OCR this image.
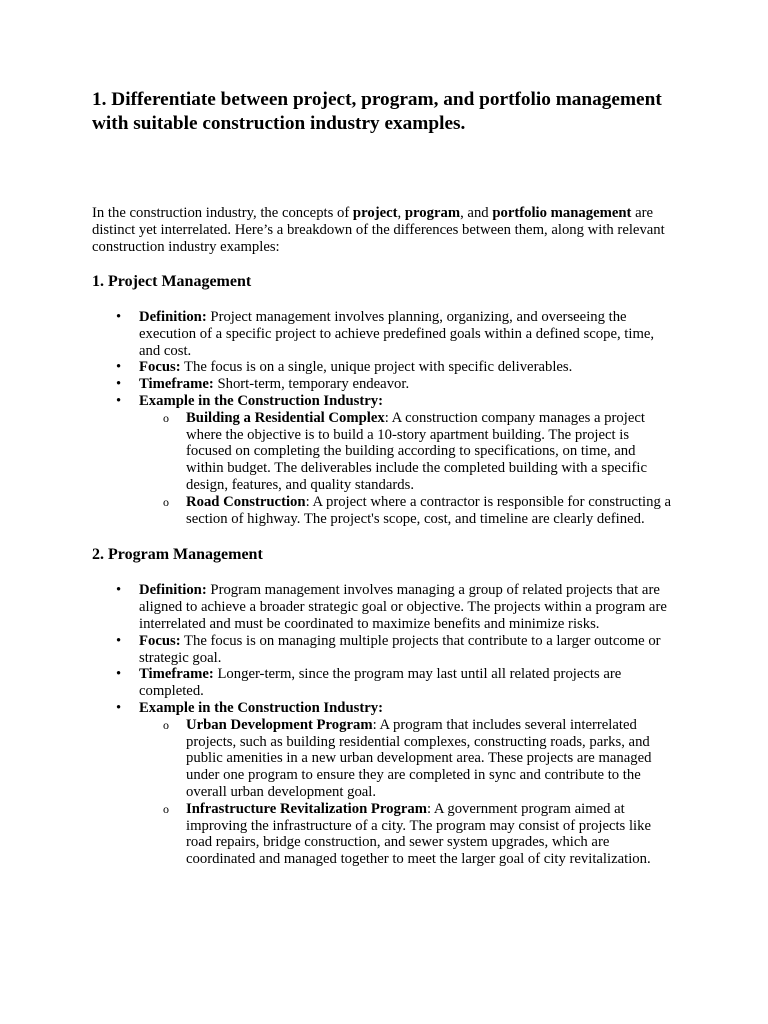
1. Differentiate between project, program, and portfolio management with suitable construction industry examples.

In the construction industry, the concepts of project, program, and portfolio management are distinct yet interrelated. Here’s a breakdown of the differences between them, along with relevant construction industry examples:

1. Project Management
• Definition: Project management involves planning, organizing, and overseeing the execution of a specific project to achieve predefined goals within a defined scope, time, and cost.
• Focus: The focus is on a single, unique project with specific deliverables.
• Timeframe: Short-term, temporary endeavor.
• Example in the Construction Industry:
o Building a Residential Complex: A construction company manages a project where the objective is to build a 10-story apartment building. The project is focused on completing the building according to specifications, on time, and within budget. The deliverables include the completed building with a specific design, features, and quality standards.
o Road Construction: A project where a contractor is responsible for constructing a section of highway. The project's scope, cost, and timeline are clearly defined.
2. Program Management
• Definition: Program management involves managing a group of related projects that are aligned to achieve a broader strategic goal or objective. The projects within a program are interrelated and must be coordinated to maximize benefits and minimize risks.
• Focus: The focus is on managing multiple projects that contribute to a larger outcome or strategic goal.
• Timeframe: Longer-term, since the program may last until all related projects are completed.
• Example in the Construction Industry:
o Urban Development Program: A program that includes several interrelated projects, such as building residential complexes, constructing roads, parks, and public amenities in a new urban development area. These projects are managed under one program to ensure they are completed in sync and contribute to the overall urban development goal.
o Infrastructure Revitalization Program: A government program aimed at improving the infrastructure of a city. The program may consist of projects like road repairs, bridge construction, and sewer system upgrades, which are coordinated and managed together to meet the larger goal of city revitalization.
